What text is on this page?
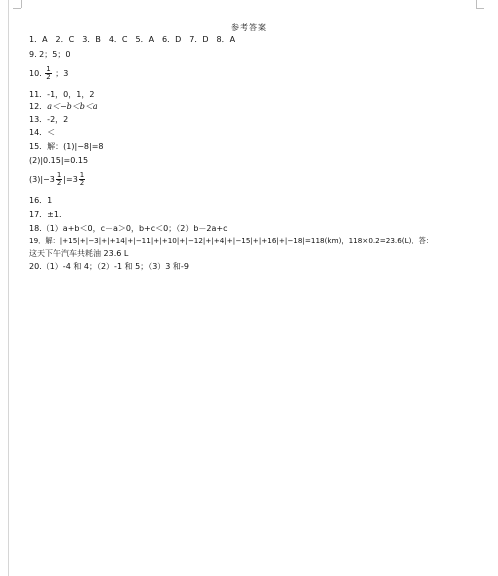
参考答案
1．A　2．C　3．B　4．C　5．A　6．D　7．D　8．A
9. 2；5；0
10. $\frac{1}{2}$ ；3
11．-1，0，1，2
12．a＜−b＜b＜a
13．-2，2
14．＜
15．解：(1)|−8|=8
(2)|0.15|=0.15
$(3)|-3 \frac{1}{2} |=3 \frac{1}{2}$
16．1
17．±1.
18.（1）a+b＜0，c－a＞0，b+c＜0；（2）b－2a+c
19．解：|+15|+|−3|+|+14|+|−11|+|+10|+|−12|+|+4|+|−15|+|+16|+|−18|=118(km)，118×0.2=23.6(L)．答：
这天下午汽车共耗油 23.6 L
20.（1）-4 和 4；（2）-1 和 5；（3）3 和-9
